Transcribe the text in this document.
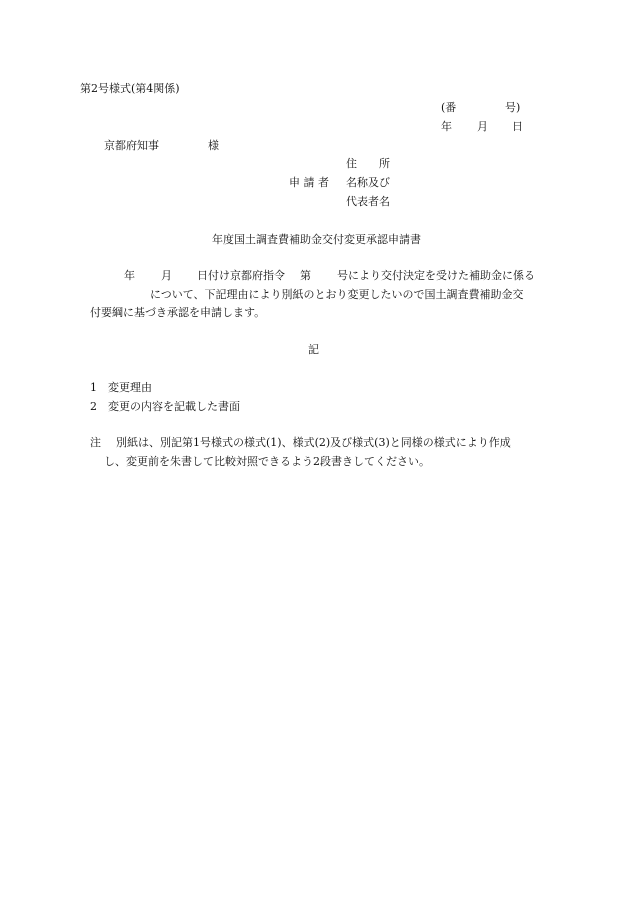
第2号様式(第4関係)
(番	号)
年 月 日
京都府知事	様
住　　所
申 請 者 名称及び
代表者名
年度国土調査費補助金交付変更承認申請書
年 月 日付け京都府指令 第 号により交付決定を受けた補助金に係る
について、下記理由により別紙のとおり変更したいので国土調査費補助金交
付要綱に基づき承認を申請します。
記
1 変更理由
2 変更の内容を記載した書面
注 別紙は、別記第1号様式の様式(1)、様式(2)及び様式(3)と同様の様式により作成
し、変更前を朱書して比較対照できるよう2段書きしてください。
